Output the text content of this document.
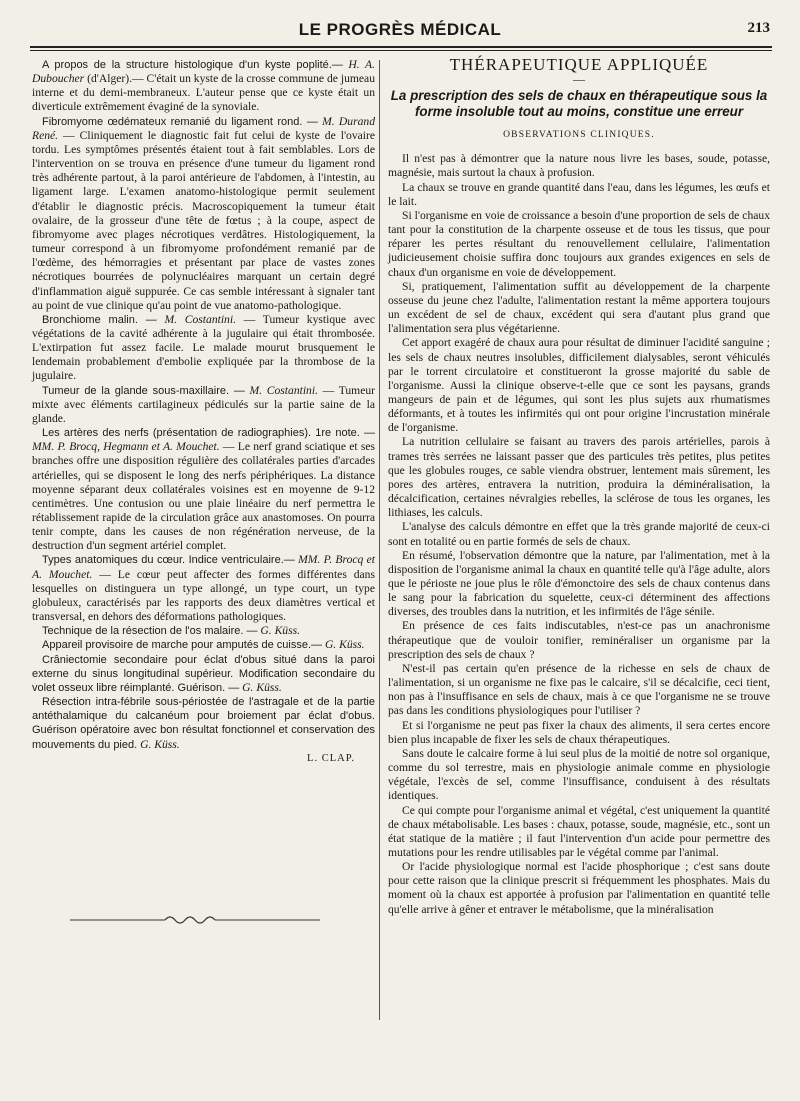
LE PROGRÈS MÉDICAL	213

A propos de la structure histologique d'un kyste poplité.— H. A. Duboucher (d'Alger).— C'était un kyste de la crosse commune de jumeau interne et du demi-membraneux. L'auteur pense que ce kyste était un diverticule extrêmement évaginé de la synoviale.

Fibromyome œdémateux remanié du ligament rond. — M. Durand René. — Cliniquement le diagnostic fait fut celui de kyste de l'ovaire tordu. Les symptômes présentés étaient tout à fait semblables. Lors de l'intervention on se trouva en présence d'une tumeur du ligament rond très adhérente partout, à la paroi antérieure de l'abdomen, à l'intestin, au ligament large. L'examen anatomo-histologique permit seulement d'établir le diagnostic précis. Macroscopiquement la tumeur était ovalaire, de la grosseur d'une tête de fœtus ; à la coupe, aspect de fibromyome avec plages nécrotiques verdâtres. Histologiquement, la tumeur correspond à un fibromyome profondément remanié par de l'œdème, des hémorragies et présentant par place de vastes zones nécrotiques bourrées de polynucléaires marquant un certain degré d'inflammation aiguë suppurée. Ce cas semble intéressant à signaler tant au point de vue clinique qu'au point de vue anatomo-pathologique.

Bronchiome malin. — M. Costantini. — Tumeur kystique avec végétations de la cavité adhérente à la jugulaire qui était thrombosée. L'extirpation fut assez facile. Le malade mourut brusquement le lendemain probablement d'embolie expliquée par la thrombose de la jugulaire.

Tumeur de la glande sous-maxillaire. — M. Costantini. — Tumeur mixte avec éléments cartilagineux pédiculés sur la partie saine de la glande.

Les artères des nerfs (présentation de radiographies). 1re note. — MM. P. Brocq, Hegmann et A. Mouchet. — Le nerf grand sciatique et ses branches offre une disposition régulière des collatérales parties d'arcades artérielles, qui se disposent le long des nerfs périphériques. La distance moyenne séparant deux collatérales voisines est en moyenne de 9-12 centimètres. Une contusion ou une plaie linéaire du nerf permettra le rétablissement rapide de la circulation grâce aux anastomoses. On pourra tenir compte, dans les causes de non régénération nerveuse, de la destruction d'un segment artériel complet.

Types anatomiques du cœur. Indice ventriculaire.— MM. P. Brocq et A. Mouchet. — Le cœur peut affecter des formes différentes dans lesquelles on distinguera un type allongé, un type court, un type globuleux, caractérisés par les rapports des deux diamètres vertical et transversal, en dehors des déformations pathologiques.

Technique de la résection de l'os malaire. — G. Küss.

Appareil provisoire de marche pour amputés de cuisse.— G. Küss.

Crâniectomie secondaire pour éclat d'obus situé dans la paroi externe du sinus longitudinal supérieur. Modification secondaire du volet osseux libre réimplanté. Guérison. — G. Küss.

Résection intra-fébrile sous-périostée de l'astragale et de la partie antéthalamique du calcanéum pour broiement par éclat d'obus. Guérison opératoire avec bon résultat fonctionnel et conservation des mouvements du pied. G. Küss.

L. CLAP.

THÉRAPEUTIQUE APPLIQUÉE
—
La prescription des sels de chaux en thérapeutique sous la forme insoluble tout au moins, constitue une erreur
OBSERVATIONS CLINIQUES.

Il n'est pas à démontrer que la nature nous livre les bases, soude, potasse, magnésie, mais surtout la chaux à profusion.

La chaux se trouve en grande quantité dans l'eau, dans les légumes, les œufs et le lait.

Si l'organisme en voie de croissance a besoin d'une proportion de sels de chaux tant pour la constitution de la charpente osseuse et de tous les tissus, que pour réparer les pertes résultant du renouvellement cellulaire, l'alimentation judicieusement choisie suffira donc toujours aux grandes exigences en sels de chaux d'un organisme en voie de développement.

Si, pratiquement, l'alimentation suffit au développement de la charpente osseuse du jeune chez l'adulte, l'alimentation restant la même apportera toujours un excédent de sel de chaux, excédent qui sera d'autant plus grand que l'alimentation sera plus végétarienne.

Cet apport exagéré de chaux aura pour résultat de diminuer l'acidité sanguine ; les sels de chaux neutres insolubles, difficilement dialysables, seront véhiculés par le torrent circulatoire et constitueront la grosse majorité du sable de l'organisme. Aussi la clinique observe-t-elle que ce sont les paysans, grands mangeurs de pain et de légumes, qui sont les plus sujets aux rhumatismes déformants, et à toutes les infirmités qui ont pour origine l'incrustation minérale de l'organisme.

La nutrition cellulaire se faisant au travers des parois artérielles, parois à trames très serrées ne laissant passer que des particules très petites, plus petites que les globules rouges, ce sable viendra obstruer, lentement mais sûrement, les pores des artères, entravera la nutrition, produira la déminéralisation, la décalcification, certaines névralgies rebelles, la sclérose de tous les organes, les lithiases, les calculs.

L'analyse des calculs démontre en effet que la très grande majorité de ceux-ci sont en totalité ou en partie formés de sels de chaux.

En résumé, l'observation démontre que la nature, par l'alimentation, met à la disposition de l'organisme animal la chaux en quantité telle qu'à l'âge adulte, alors que le périoste ne joue plus le rôle d'émonctoire des sels de chaux contenus dans le sang pour la fabrication du squelette, ceux-ci déterminent des affections diverses, des troubles dans la nutrition, et les infirmités de l'âge sénile.

En présence de ces faits indiscutables, n'est-ce pas un anachronisme thérapeutique que de vouloir tonifier, reminéraliser un organisme par la prescription des sels de chaux ?

N'est-il pas certain qu'en présence de la richesse en sels de chaux de l'alimentation, si un organisme ne fixe pas le calcaire, s'il se décalcifie, ceci tient, non pas à l'insuffisance en sels de chaux, mais à ce que l'organisme ne se trouve pas dans les conditions physiologiques pour l'utiliser ?

Et si l'organisme ne peut pas fixer la chaux des aliments, il sera certes encore bien plus incapable de fixer les sels de chaux thérapeutiques.

Sans doute le calcaire forme à lui seul plus de la moitié de notre sol organique, comme du sol terrestre, mais en physiologie animale comme en physiologie végétale, l'excès de sel, comme l'insuffisance, conduisent à des résultats identiques.

Ce qui compte pour l'organisme animal et végétal, c'est uniquement la quantité de chaux métabolisable. Les bases : chaux, potasse, soude, magnésie, etc., sont un état statique de la matière ; il faut l'intervention d'un acide pour permettre des mutations pour les rendre utilisables par le végétal comme par l'animal.

Or l'acide physiologique normal est l'acide phosphorique ; c'est sans doute pour cette raison que la clinique prescrit si fréquemment les phosphates. Mais du moment où la chaux est apportée à profusion par l'alimentation en quantité telle qu'elle arrive à gêner et entraver le métabolisme, que la minéralisation
